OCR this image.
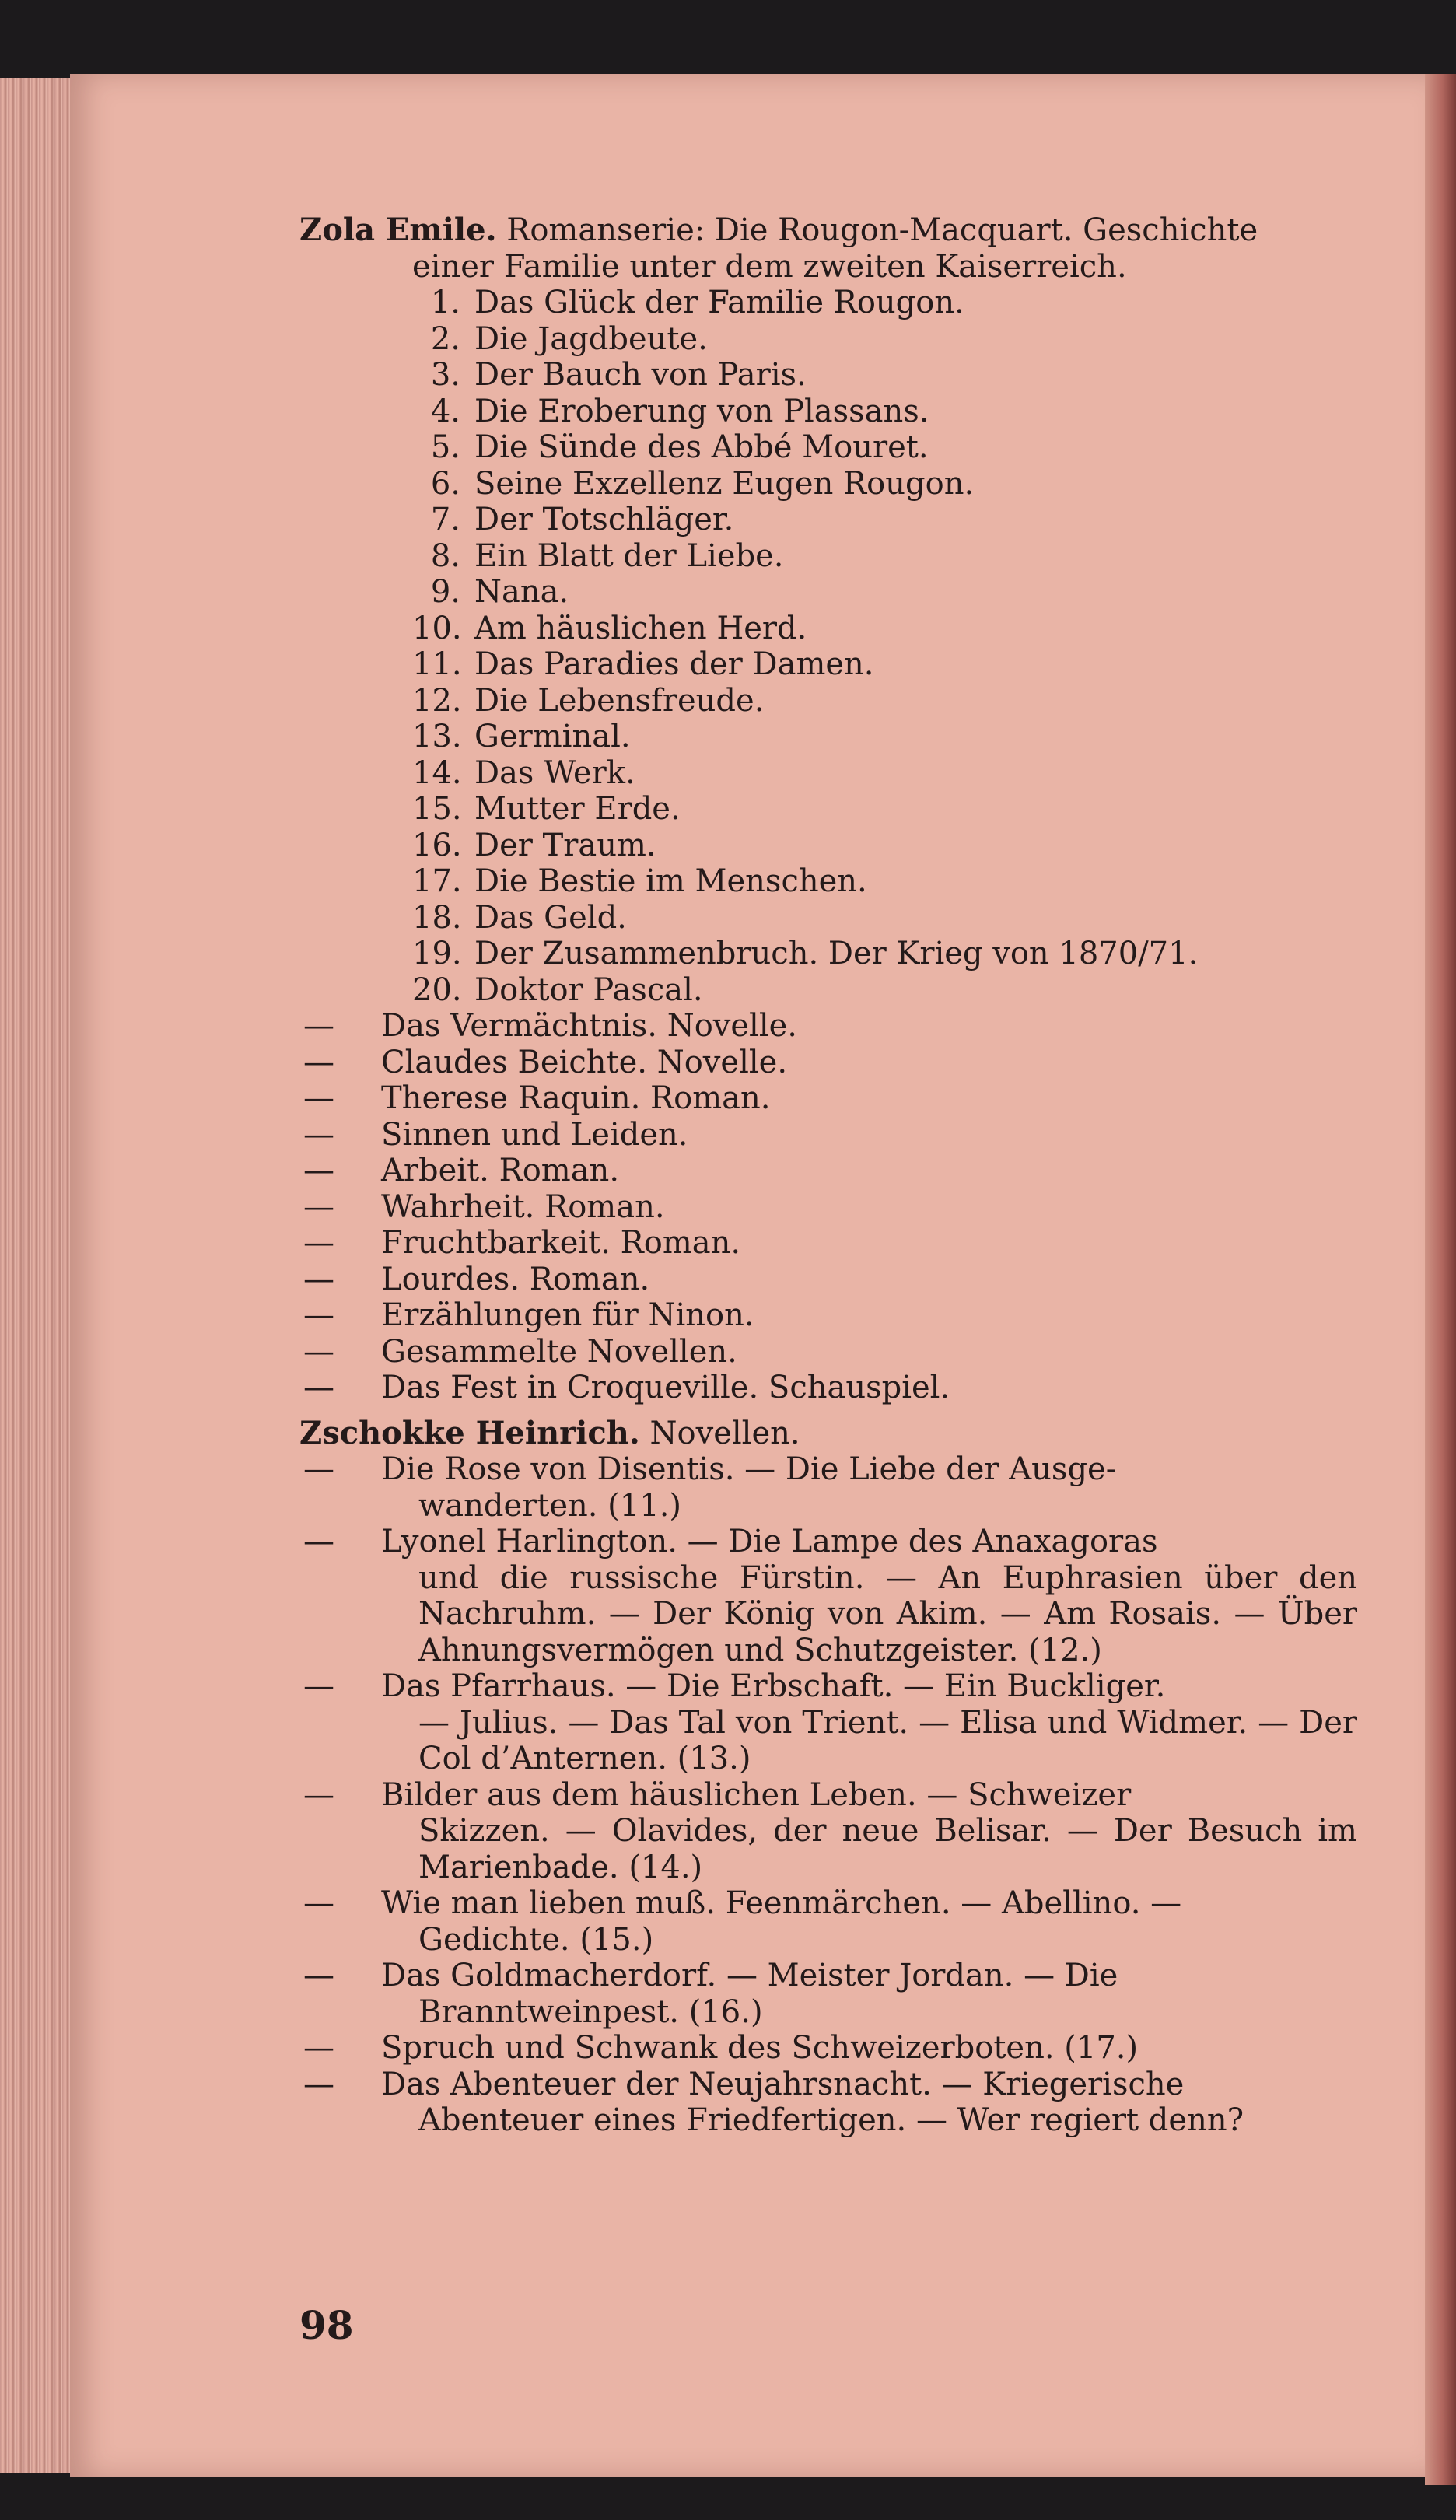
Zola Emile. Romanserie: Die Rougon-Macquart. Geschichte
einer Familie unter dem zweiten Kaiserreich.
1. Das Glück der Familie Rougon.
2. Die Jagdbeute.
3. Der Bauch von Paris.
4. Die Eroberung von Plassans.
5. Die Sünde des Abbé Mouret.
6. Seine Exzellenz Eugen Rougon.
7. Der Totschläger.
8. Ein Blatt der Liebe.
9. Nana.
10. Am häuslichen Herd.
11. Das Paradies der Damen.
12. Die Lebensfreude.
13. Germinal.
14. Das Werk.
15. Mutter Erde.
16. Der Traum.
17. Die Bestie im Menschen.
18. Das Geld.
19. Der Zusammenbruch. Der Krieg von 1870/71.
20. Doktor Pascal.
—	Das Vermächtnis. Novelle.
—	Claudes Beichte. Novelle.
—	Therese Raquin. Roman.
—	Sinnen und Leiden.
—	Arbeit. Roman.
—	Wahrheit. Roman.
—	Fruchtbarkeit. Roman.
—	Lourdes. Roman.
—	Erzählungen für Ninon.
—	Gesammelte Novellen.
—	Das Fest in Croqueville. Schauspiel.
Zschokke Heinrich. Novellen.
—	Die Rose von Disentis. — Die Liebe der Ausge-
wanderten. (11.)
—	Lyonel Harlington. — Die Lampe des Anaxagoras
und die russische Fürstin. — An Euphrasien über den Nachruhm. — Der König von Akim. — Am Rosais. — Über Ahnungsvermögen und Schutzgeister. (12.)
—	Das Pfarrhaus. — Die Erbschaft. — Ein Buckliger.
— Julius. — Das Tal von Trient. — Elisa und Widmer. — Der Col d’Anternen. (13.)
—	Bilder aus dem häuslichen Leben. — Schweizer
Skizzen. — Olavides, der neue Belisar. — Der Besuch im Marienbade. (14.)
—	Wie man lieben muß. Feenmärchen. — Abellino. —
Gedichte. (15.)
—	Das Goldmacherdorf. — Meister Jordan. — Die
Branntweinpest. (16.)
—	Spruch und Schwank des Schweizerboten. (17.)
—	Das Abenteuer der Neujahrsnacht. — Kriegerische
Abenteuer eines Friedfertigen. — Wer regiert denn?
98
